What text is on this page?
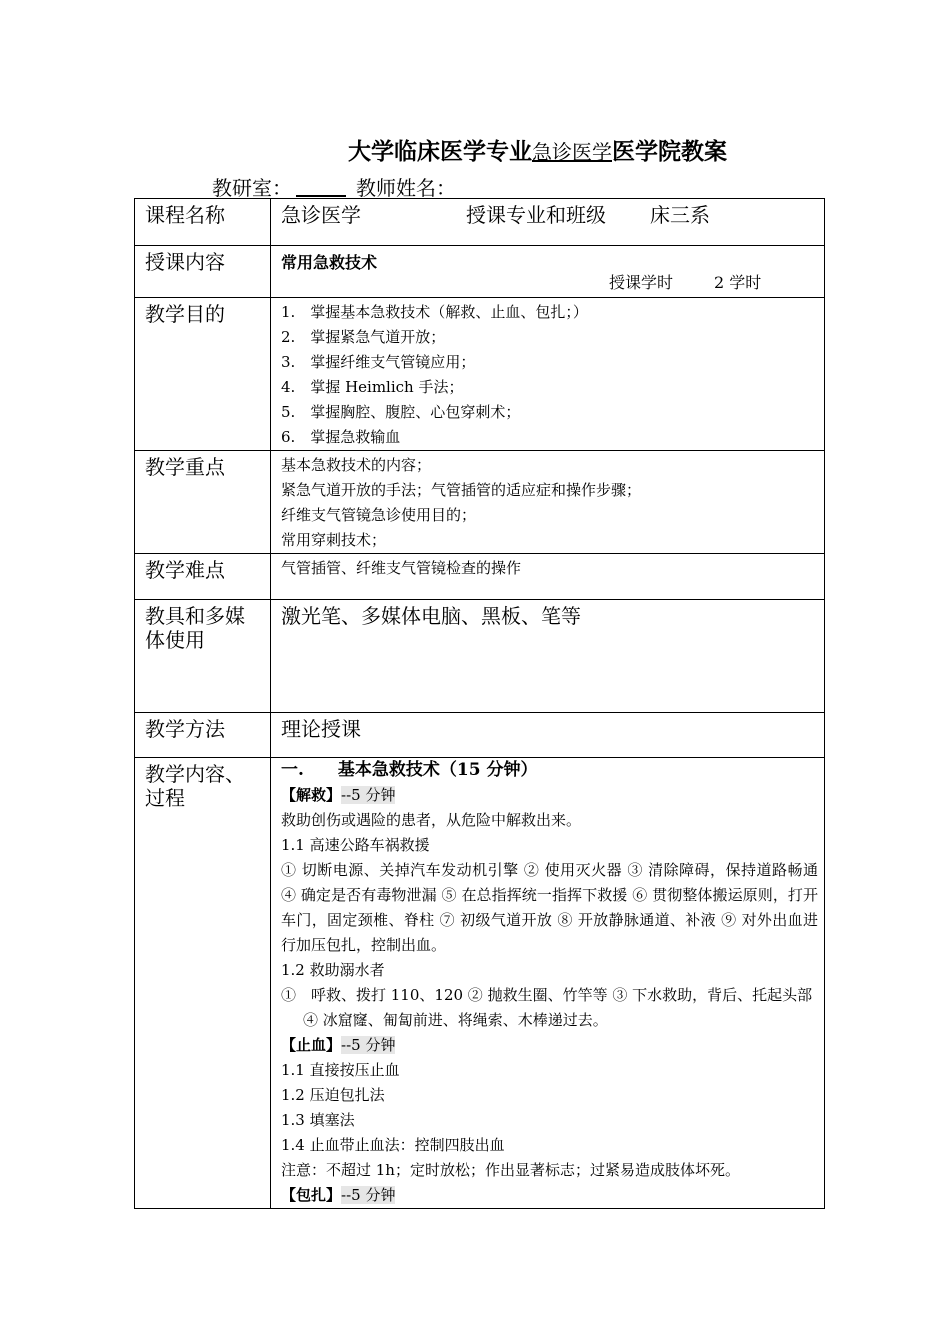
大学临床医学专业急诊医学医学院教案
教研室：	教师姓名：
课程名称		急诊医学	授课专业和班级	床三系

授课内容		常用急救技术	授课学时	2 学时

教学目的	1.　掌握基本急救技术（解救、止血、包扎；）

2.　掌握紧急气道开放；

3.　掌握纤维支气管镜应用；

4.　掌握 Heimlich 手法；

5.　掌握胸腔、腹腔、心包穿刺术；

6.　掌握急救输血

教学重点	基本急救技术的内容；

紧急气道开放的手法；气管插管的适应症和操作步骤；

纤维支气管镜急诊使用目的；

常用穿刺技术；

教学难点	气管插管、纤维支气管镜检查的操作
教具和多媒体使用	激光笔、多媒体电脑、黑板、笔等
教学方法	理论授课
教学内容、过程	

一.　　基本急救技术（15 分钟）

【解救】--5 分钟

救助创伤或遇险的患者，从危险中解救出来。

1.1 高速公路车祸救援

① 切断电源、关掉汽车发动机引擎 ② 使用灭火器 ③ 清除障碍，保持道路畅通 ④ 确定是否有毒物泄漏 ⑤ 在总指挥统一指挥下救援 ⑥ 贯彻整体搬运原则，打开车门，固定颈椎、脊柱 ⑦ 初级气道开放 ⑧ 开放静脉通道、补液 ⑨ 对外出血进行加压包扎，控制出血。

1.2 救助溺水者

①　呼救、拨打 110、120 ② 抛救生圈、竹竿等 ③ 下水救助，背后、托起头部 ④ 冰窟窿、匍匐前进、将绳索、木棒递过去。

【止血】--5 分钟

1.1 直接按压止血

1.2 压迫包扎法

1.3 填塞法

1.4 止血带止血法：控制四肢出血

注意：不超过 1h；定时放松；作出显著标志；过紧易造成肢体坏死。

【包扎】--5 分钟
